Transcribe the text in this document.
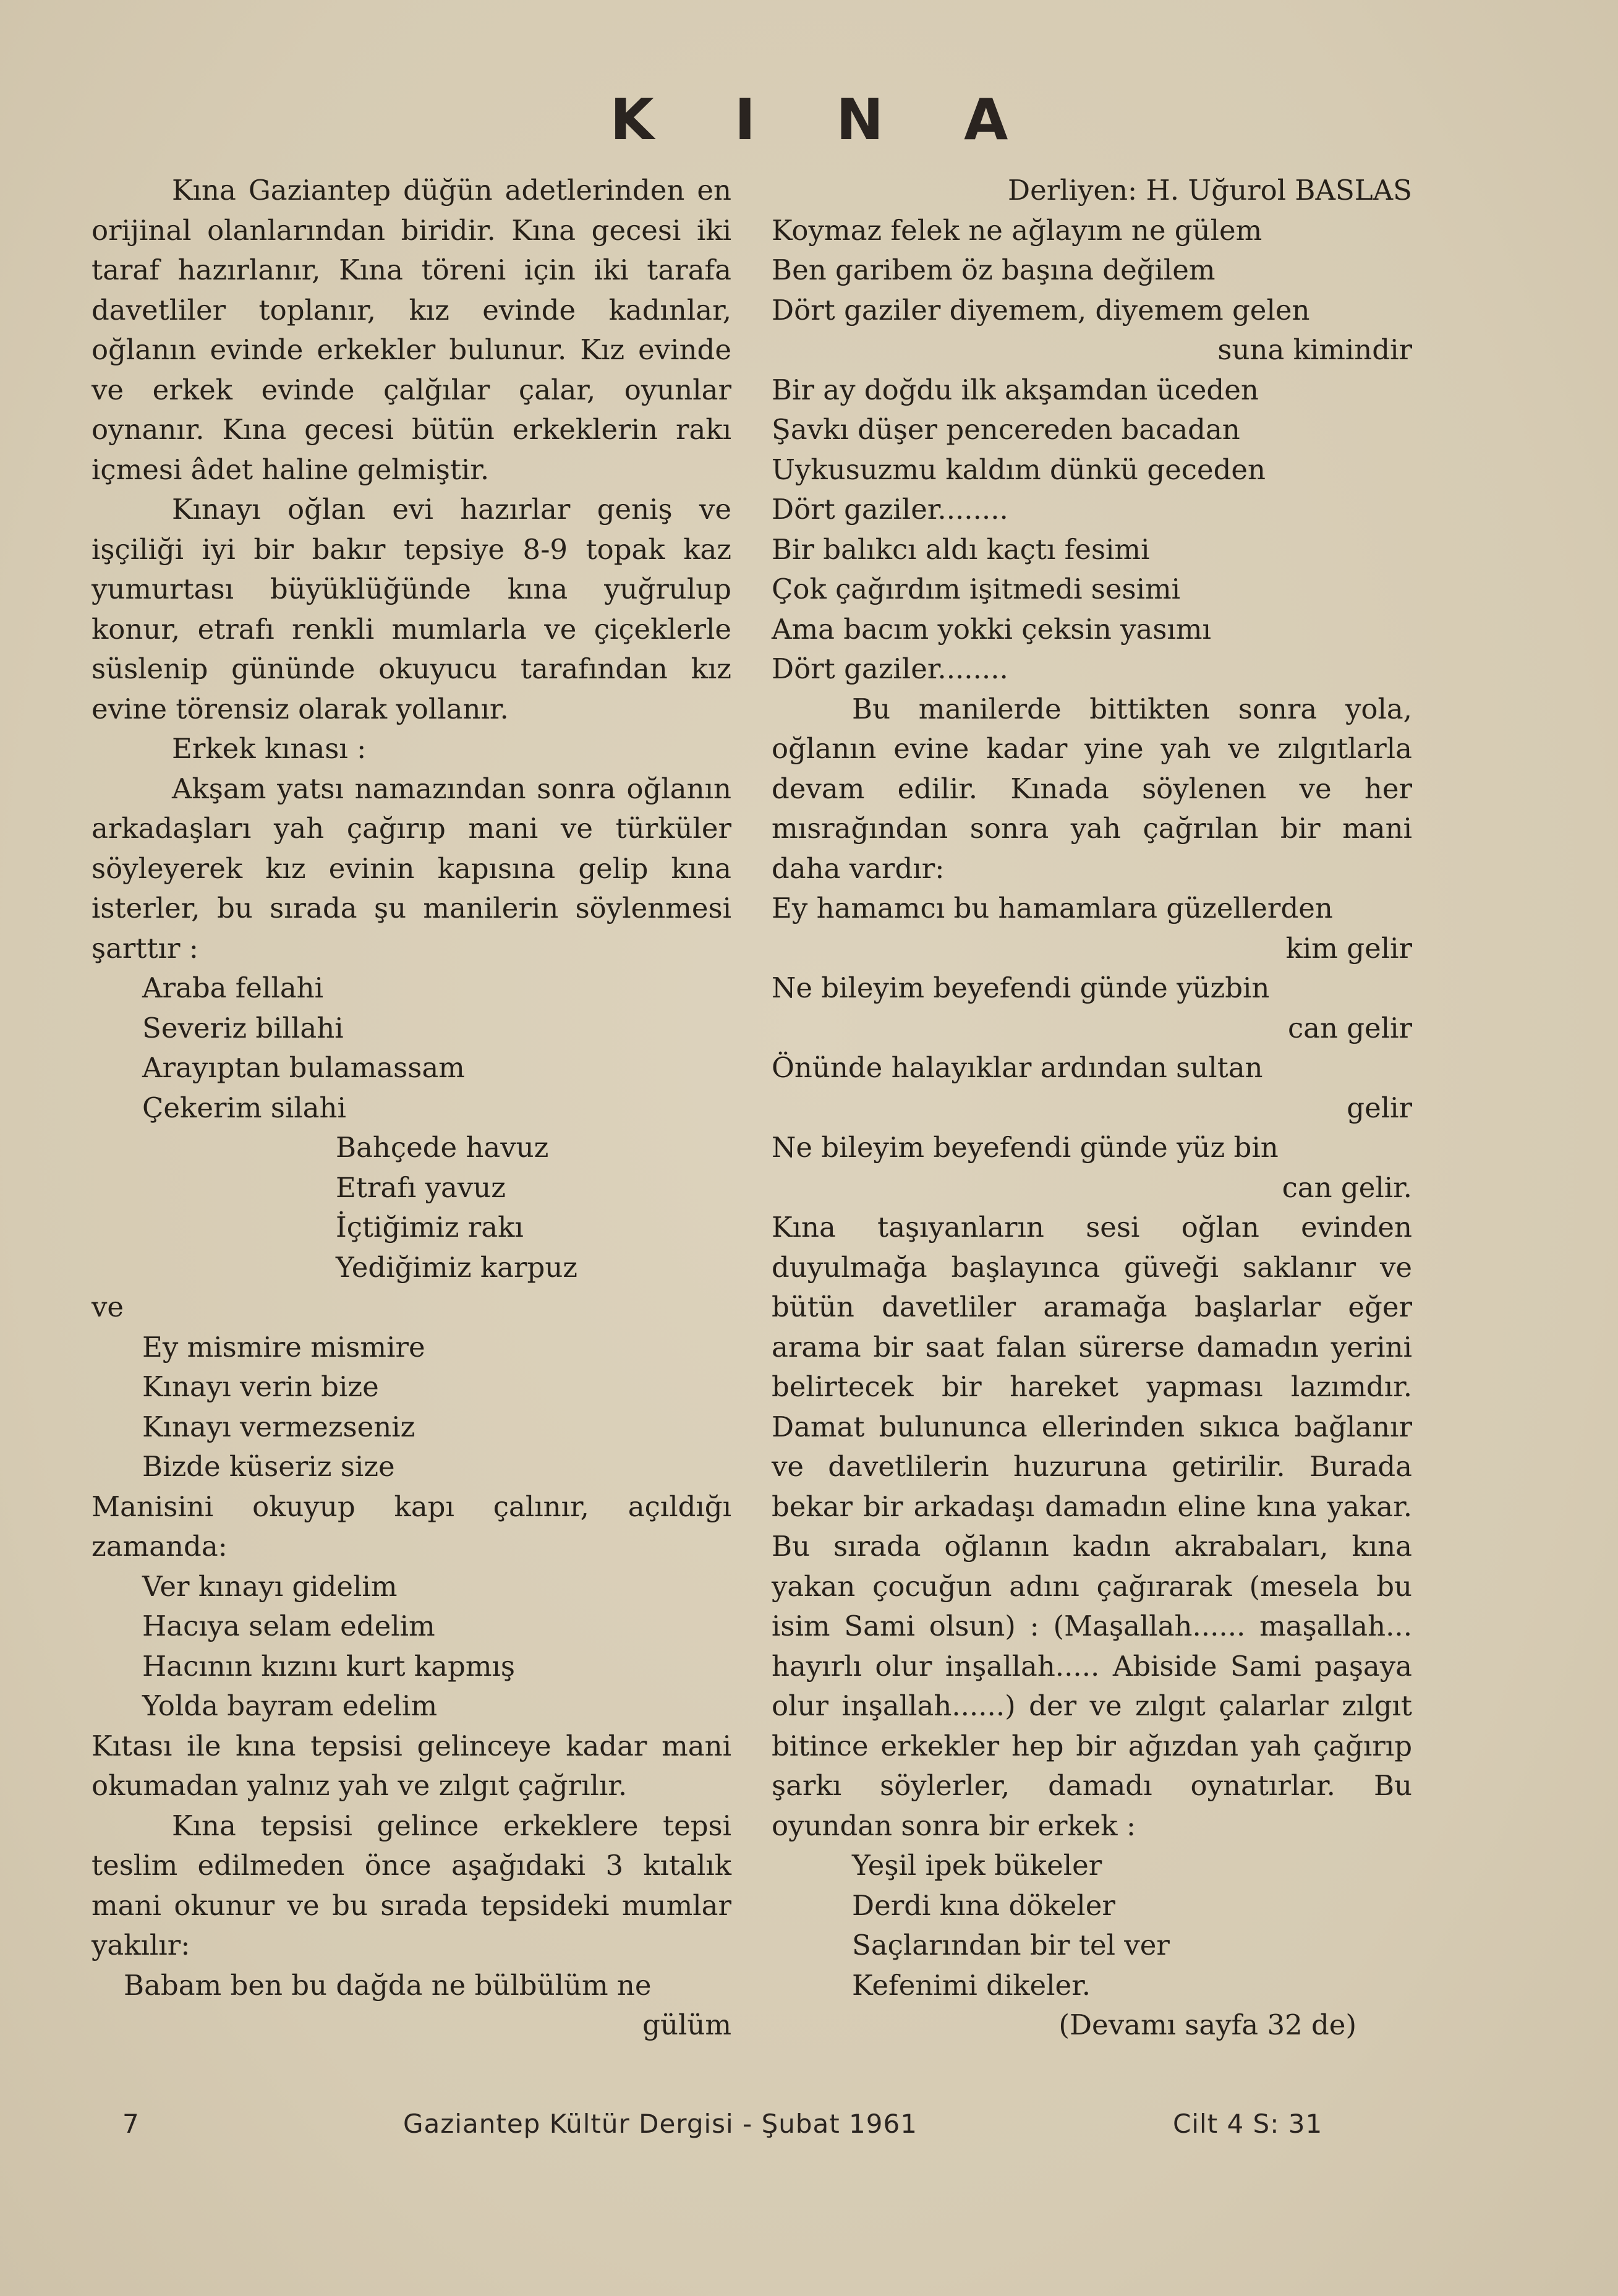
KINA

Kına Gaziantep düğün adetlerinden en orijinal olanlarından biridir. Kına gecesi iki taraf hazırlanır, Kına töreni için iki tarafa davetliler toplanır, kız evinde kadınlar, oğlanın evinde erkekler bulunur. Kız evinde ve erkek evinde çalğılar çalar, oyunlar oynanır. Kına gecesi bütün erkeklerin rakı içmesi âdet haline gelmiştir.

Kınayı oğlan evi hazırlar geniş ve işçiliği iyi bir bakır tepsiye 8-9 topak kaz yumurtası büyüklüğünde kına yuğrulup konur, etrafı renkli mumlarla ve çiçeklerle süslenip gününde okuyucu tarafından kız evine törensiz olarak yollanır.

Erkek kınası :

Akşam yatsı namazından sonra oğlanın arkadaşları yah çağırıp mani ve türküler söyleyerek kız evinin kapısına gelip kına isterler, bu sırada şu manilerin söylenmesi şarttır :

Araba fellahi

Severiz billahi

Arayıptan bulamassam

Çekerim silahi

Bahçede havuz

Etrafı yavuz

İçtiğimiz rakı

Yediğimiz karpuz

ve

Ey mismire mismire

Kınayı verin bize

Kınayı vermezseniz

Bizde küseriz size

Manisini okuyup kapı çalınır, açıldığı zamanda:

Ver kınayı gidelim

Hacıya selam edelim

Hacının kızını kurt kapmış

Yolda bayram edelim

Kıtası ile kına tepsisi gelinceye kadar mani okumadan yalnız yah ve zılgıt çağrılır.

Kına tepsisi gelince erkeklere tepsi teslim edilmeden önce aşağıdaki 3 kıtalık mani okunur ve bu sırada tepsideki mumlar yakılır:

Babam ben bu dağda ne bülbülüm ne

gülüm

Derliyen: H. Uğurol BASLAS

Koymaz felek ne ağlayım ne gülem

Ben garibem öz başına değilem

Dört gaziler diyemem, diyemem gelen

suna kimindir

Bir ay doğdu ilk akşamdan üceden

Şavkı düşer pencereden bacadan

Uykusuzmu kaldım dünkü geceden

Dört gaziler........

Bir balıkcı aldı kaçtı fesimi

Çok çağırdım işitmedi sesimi

Ama bacım yokki çeksin yasımı

Dört gaziler........

Bu manilerde bittikten sonra yola, oğlanın evine kadar yine yah ve zılgıtlarla devam edilir. Kınada söylenen ve her mısrağından sonra yah çağrılan bir mani daha vardır:

Ey hamamcı bu hamamlara güzellerden

kim gelir

Ne bileyim beyefendi günde yüzbin

can gelir

Önünde halayıklar ardından sultan

gelir

Ne bileyim beyefendi günde yüz bin

can gelir.

Kına taşıyanların sesi oğlan evinden duyulmağa başlayınca güveği saklanır ve bütün davetliler aramağa başlarlar eğer arama bir saat falan sürerse damadın yerini belirtecek bir hareket yapması lazımdır. Damat bulununca ellerinden sıkıca bağlanır ve davetlilerin huzuruna getirilir. Burada bekar bir arkadaşı damadın eline kına yakar. Bu sırada oğlanın kadın akrabaları, kına yakan çocuğun adını çağırarak (mesela bu isim Sami olsun) : (Maşallah...... maşallah... hayırlı olur inşallah..... Abiside Sami paşaya olur inşallah......) der ve zılgıt çalarlar zılgıt bitince erkekler hep bir ağızdan yah çağırıp şarkı söylerler, damadı oynatırlar. Bu oyundan sonra bir erkek :

Yeşil ipek bükeler

Derdi kına dökeler

Saçlarından bir tel ver

Kefenimi dikeler.

(Devamı sayfa 32 de)

7	Gaziantep Kültür Dergisi - Şubat 1961	Cilt 4 S: 31
